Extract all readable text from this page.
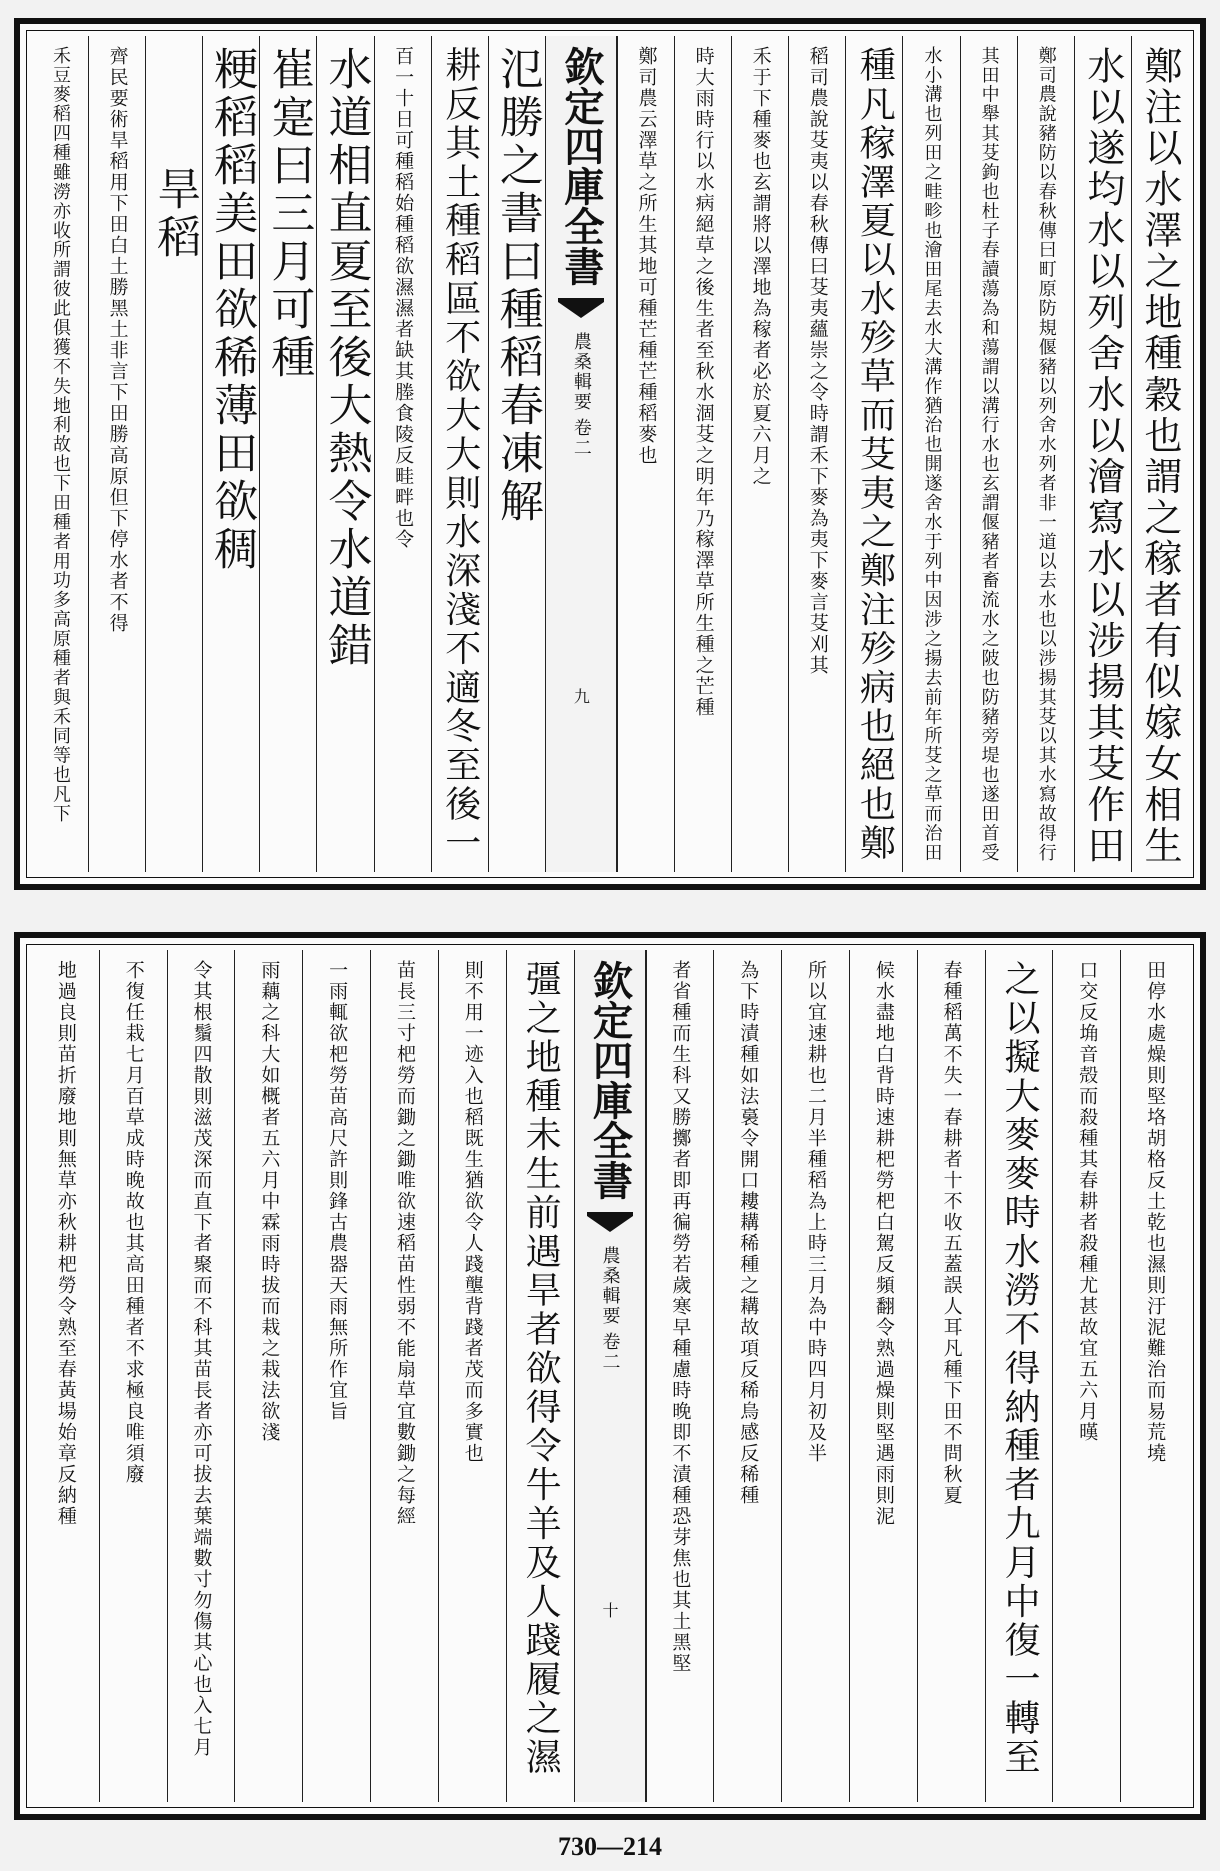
鄭注以水澤之地種穀也謂之稼者有似嫁女相生
水以遂均水以列舍水以澮寫水以涉揚其芟作田
鄭司農說豬防以春秋傳曰町原防規偃豬以列舍水列者非一道以去水也以涉揚其芟以其水寫故得行
其田中舉其芟鉤也杜子春讀蕩為和蕩謂以溝行水也玄謂偃豬者畜流水之陂也防豬旁堤也遂田首受
水小溝也列田之畦畛也澮田尾去水大溝作猶治也開遂舍水于列中因涉之揚去前年所芟之草而治田
種凡稼澤夏以水殄草而芟夷之鄭注殄病也絕也鄭
稻司農說芟夷以春秋傳曰芟夷蘊崇之令時謂禾下麥為夷下麥言芟刈其
禾于下種麥也玄謂將以澤地為稼者必於夏六月之
時大雨時行以水病絕草之後生者至秋水涸芟之明年乃稼澤草所生種之芒種
鄭司農云澤草之所生其地可種芒種芒種稻麥也
欽定四庫全書
農桑輯要
卷二
九
氾勝之書曰種稻春凍解
耕反其土種稻區不欲大大則水深淺不適冬至後一
百一十日可種稻始種稻欲濕濕者缺其塍食陵反畦畔也令
水道相直夏至後大熱令水道錯
崔寔曰三月可種
粳稻稻美田欲稀薄田欲稠
旱稻
齊民要術旱稻用下田白土勝黑土非言下田勝高原但下停水者不得
禾豆麥稻四種雖澇亦收所謂彼此俱獲不失地利故也下田種者用功多高原種者與禾同等也凡下
田停水處燥則堅垎胡格反土乾也濕則汙泥難治而易荒墝
口交反埆音殻而殺種其春耕者殺種尤甚故宜五六月暵
之以擬大麥麥時水澇不得納種者九月中復一轉至
春種稻萬不失一春耕者十不收五蓋誤人耳凡種下田不問秋夏
候水盡地白背時速耕杷勞杷白駕反頻翻令熟過燥則堅遇雨則泥
所以宜速耕也二月半種稻為上時三月為中時四月初及半
為下時漬種如法裛令開口耬耩稀種之耩故項反稀烏感反稀種
者省種而生科又勝擲者即再徧勞若歲寒早種慮時晚即不漬種恐芽焦也其土黑堅
欽定四庫全書
農桑輯要
卷二
十
彊之地種未生前遇旱者欲得令牛羊及人踐履之濕
則不用一迹入也稻既生猶欲令人踐壟背踐者茂而多實也
苗長三寸杷勞而鋤之鋤唯欲速稻苗性弱不能扇草宜數鋤之每經
一雨輒欲杷勞苗高尺許則鋒古農器天雨無所作宜旨
雨藕之科大如概者五六月中霖雨時拔而栽之栽法欲淺
令其根鬚四散則滋茂深而直下者聚而不科其苗長者亦可拔去葉端數寸勿傷其心也入七月
不復任栽七月百草成時晚故也其高田種者不求極良唯須廢
地過良則苗折廢地則無草亦秋耕杷勞令熟至春黃場始章反納種
730—214
